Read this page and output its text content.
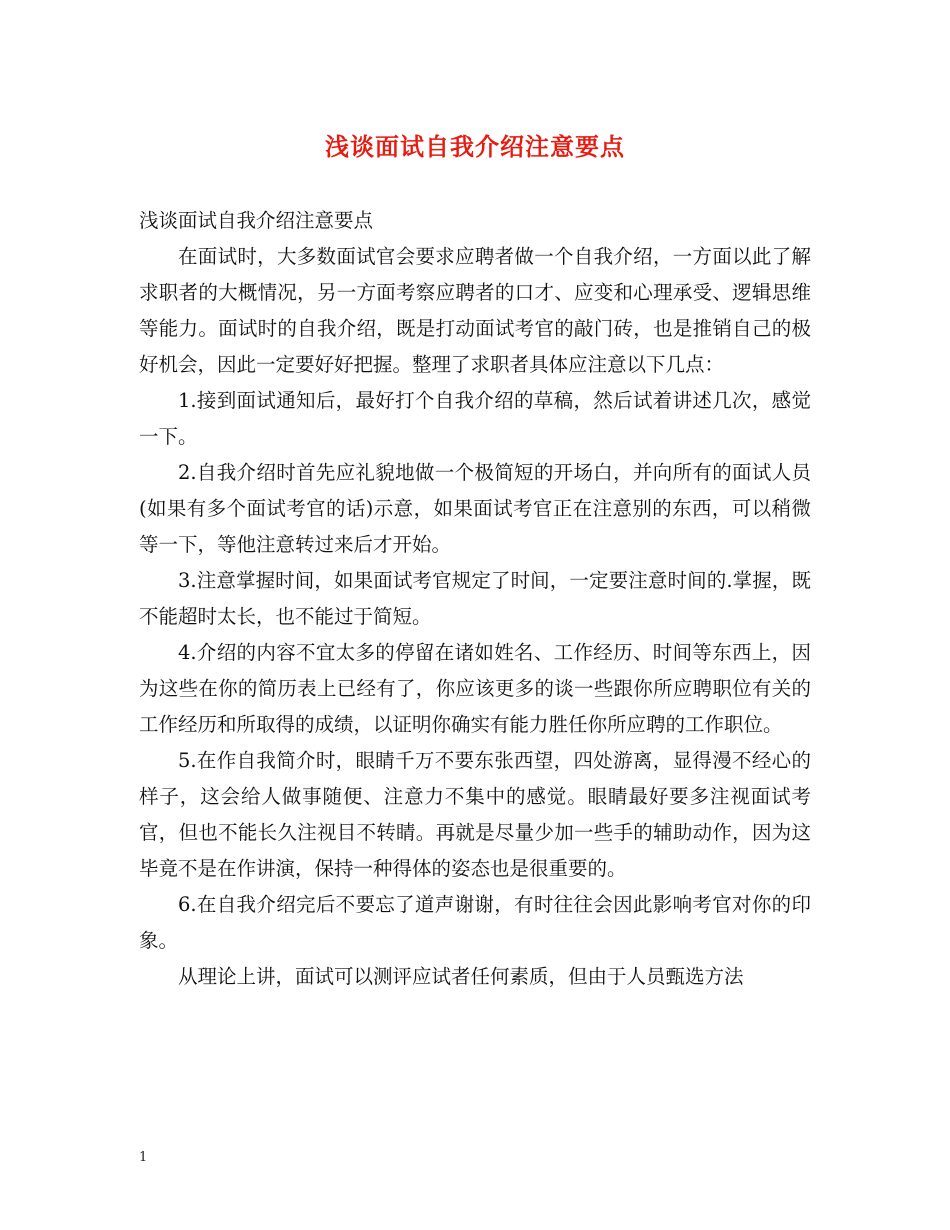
浅谈面试自我介绍注意要点

浅谈面试自我介绍注意要点

在面试时，大多数面试官会要求应聘者做一个自我介绍，一方面以此了解求职者的大概情况，另一方面考察应聘者的口才、应变和心理承受、逻辑思维等能力。面试时的自我介绍，既是打动面试考官的敲门砖，也是推销自己的极好机会，因此一定要好好把握。整理了求职者具体应注意以下几点：

1.接到面试通知后，最好打个自我介绍的草稿，然后试着讲述几次，感觉一下。

2.自我介绍时首先应礼貌地做一个极简短的开场白，并向所有的面试人员(如果有多个面试考官的话)示意，如果面试考官正在注意别的东西，可以稍微等一下，等他注意转过来后才开始。

3.注意掌握时间，如果面试考官规定了时间，一定要注意时间的.掌握，既不能超时太长，也不能过于简短。

4.介绍的内容不宜太多的停留在诸如姓名、工作经历、时间等东西上，因为这些在你的简历表上已经有了，你应该更多的谈一些跟你所应聘职位有关的工作经历和所取得的成绩，以证明你确实有能力胜任你所应聘的工作职位。

5.在作自我简介时，眼睛千万不要东张西望，四处游离，显得漫不经心的样子，这会给人做事随便、注意力不集中的感觉。眼睛最好要多注视面试考官，但也不能长久注视目不转睛。再就是尽量少加一些手的辅助动作，因为这毕竟不是在作讲演，保持一种得体的姿态也是很重要的。

6.在自我介绍完后不要忘了道声谢谢，有时往往会因此影响考官对你的印象。

从理论上讲，面试可以测评应试者任何素质，但由于人员甄选方法

1
